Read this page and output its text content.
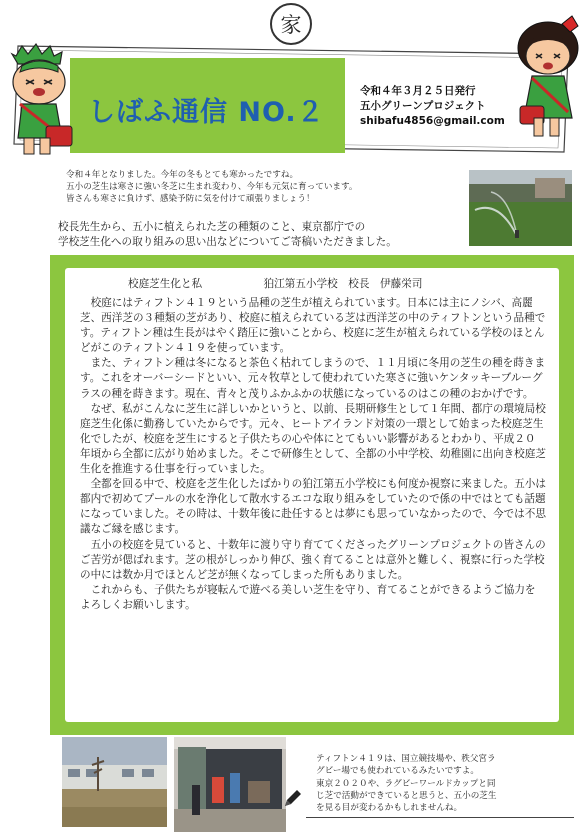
家
しばふ通信 NO.２
令和４年３月２５日発行
五小グリーンプロジェクト
shibafu4856@gmail.com
令和４年となりました。今年の冬もとても寒かったですね。
五小の芝生は寒さに強い冬芝に生まれ変わり、今年も元気に育っています。
皆さんも寒さに負けず、感染予防に気を付けて頑張りましょう！
校長先生から、五小に植えられた芝の種類のこと、東京都庁での
学校芝生化への取り組みの思い出などについてご寄稿いただきました。
校庭芝生化と私	狛江第五小学校　校長　伊藤栄司

校庭にはティフトン４１９という品種の芝生が植えられています。日本には主にノシバ、高麗芝、西洋芝の３種類の芝があり、校庭に植えられている芝は西洋芝の中のティフトンという品種です。ティフトン種は生長がはやく踏圧に強いことから、校庭に芝生が植えられている学校のほとんどがこのティフトン４１９を使っています。

また、ティフトン種は冬になると茶色く枯れてしまうので、１１月頃に冬用の芝生の種を蒔きます。これをオーバーシードといい、元々牧草として使われていた寒さに強いケンタッキーブルーグラスの種を蒔きます。現在、青々と茂りふかふかの状態になっているのはこの種のおかげです。

なぜ、私がこんなに芝生に詳しいかというと、以前、長期研修生として１年間、都庁の環境局校庭芝生化係に勤務していたからです。元々、ヒートアイランド対策の一環として始まった校庭芝生化でしたが、校庭を芝生にすると子供たちの心や体にとてもいい影響があるとわかり、平成２０年頃から全都に広がり始めました。そこで研修生として、全都の小中学校、幼稚園に出向き校庭芝生化を推進する仕事を行っていました。

全都を回る中で、校庭を芝生化したばかりの狛江第五小学校にも何度か視察に来ました。五小は都内で初めてプールの水を浄化して散水するエコな取り組みをしていたので係の中ではとても話題になっていました。その時は、十数年後に赴任するとは夢にも思っていなかったので、今では不思議なご縁を感じます。

五小の校庭を見ていると、十数年に渡り守り育ててくださったグリーンプロジェクトの皆さんのご苦労が偲ばれます。芝の根がしっかり伸び、強く育てることは意外と難しく、視察に行った学校の中には数か月でほとんど芝が無くなってしまった所もありました。

これからも、子供たちが寝転んで遊べる美しい芝生を守り、育てることができるようご協力をよろしくお願いします。

ティフトン４１９は、国立競技場や、秩父宮ラ
グビー場でも使われているみたいですよ。
東京２０２０や、ラグビーワールドカップと同
じ芝で活動ができていると思うと、五小の芝生
を見る目が変わるかもしれませんね。
